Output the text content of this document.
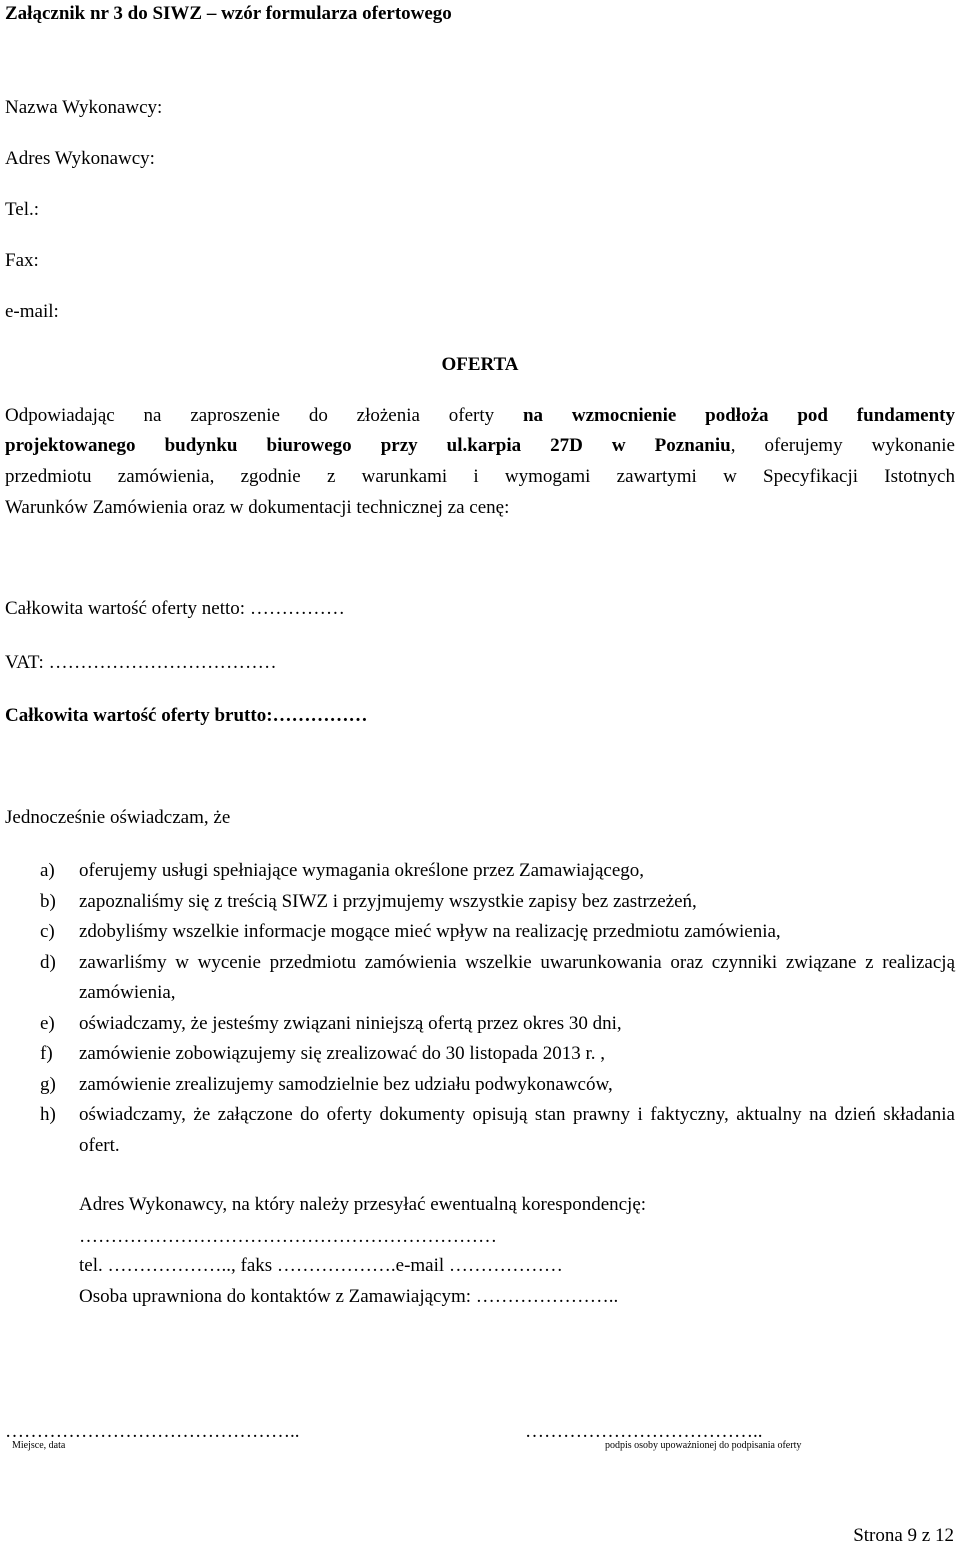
Załącznik nr 3 do SIWZ – wzór formularza ofertowego
Nazwa Wykonawcy:
Adres Wykonawcy:
Tel.:
Fax:
e-mail:
OFERTA
Odpowiadając na zaproszenie do złożenia oferty na wzmocnienie podłoża pod fundamenty
projektowanego budynku biurowego przy ul.karpia 27D w Poznaniu, oferujemy wykonanie
przedmiotu zamówienia, zgodnie z warunkami i wymogami zawartymi w Specyfikacji Istotnych
Warunków Zamówienia oraz w dokumentacji technicznej za cenę:
Całkowita wartość oferty netto: ……………
VAT: ………………………………
Całkowita wartość oferty brutto:……………
Jednocześnie oświadczam, że
a) oferujemy usługi spełniające wymagania określone przez Zamawiającego,
b) zapoznaliśmy się z treścią SIWZ i przyjmujemy wszystkie zapisy bez zastrzeżeń,
c) zdobyliśmy wszelkie informacje mogące mieć wpływ na realizację przedmiotu zamówienia,
d) zawarliśmy w wycenie przedmiotu zamówienia wszelkie uwarunkowania oraz czynniki związane z realizacją zamówienia,
e) oświadczamy, że jesteśmy związani niniejszą ofertą przez okres 30 dni,
f) zamówienie zobowiązujemy się zrealizować do 30 listopada 2013 r. ,
g) zamówienie zrealizujemy samodzielnie bez udziału podwykonawców,
h) oświadczamy, że załączone do oferty dokumenty opisują stan prawny i faktyczny, aktualny na dzień składania ofert.
Adres Wykonawcy, na który należy przesyłać ewentualną korespondencję:
…………………………………………………………
tel. ……………….., faks ……………….e-mail ………………
Osoba uprawniona do kontaktów z Zamawiającym: …………………..
………………………………………..
Miejsce, data
………………………………..
podpis osoby upoważnionej do podpisania oferty
Strona 9 z 12
